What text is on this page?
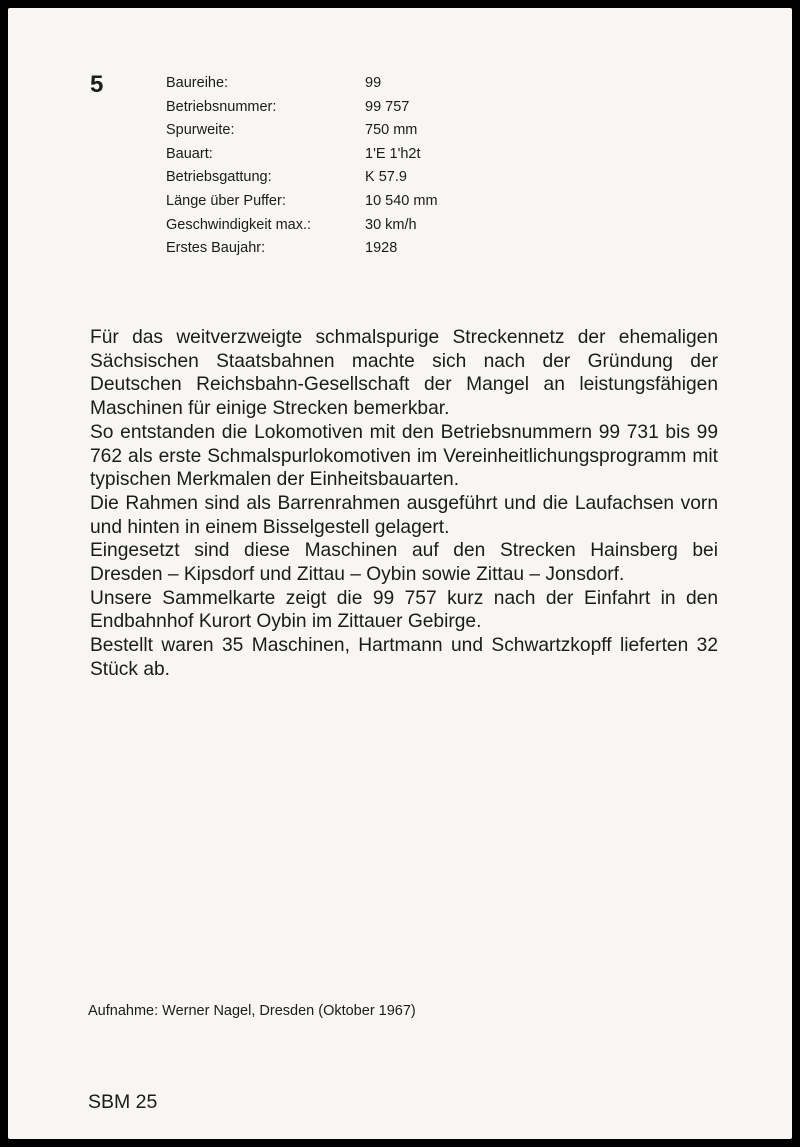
5	Baureihe:	99
Betriebsnummer:	99 757
Spurweite:	750 mm
Bauart:	1'E 1'h2t
Betriebsgattung:	K 57.9
Länge über Puffer:	10 540 mm
Geschwindigkeit max.:	30 km/h
Erstes Baujahr:	1928

Für das weitverzweigte schmalspurige Streckennetz der ehemaligen Sächsischen Staatsbahnen machte sich nach der Gründung der Deutschen Reichsbahn-Gesellschaft der Mangel an leistungsfähigen Maschinen für einige Strecken bemerkbar.

So entstanden die Lokomotiven mit den Betriebsnummern 99 731 bis 99 762 als erste Schmalspurlokomotiven im Vereinheitlichungsprogramm mit typischen Merkmalen der Einheitsbauarten.

Die Rahmen sind als Barrenrahmen ausgeführt und die Laufachsen vorn und hinten in einem Bisselgestell gelagert.

Eingesetzt sind diese Maschinen auf den Strecken Hainsberg bei Dresden – Kipsdorf und Zittau – Oybin sowie Zittau – Jonsdorf.

Unsere Sammelkarte zeigt die 99 757 kurz nach der Einfahrt in den Endbahnhof Kurort Oybin im Zittauer Gebirge.

Bestellt waren 35 Maschinen, Hartmann und Schwartzkopff lieferten 32 Stück ab.

Aufnahme: Werner Nagel, Dresden (Oktober 1967)
SBM 25
